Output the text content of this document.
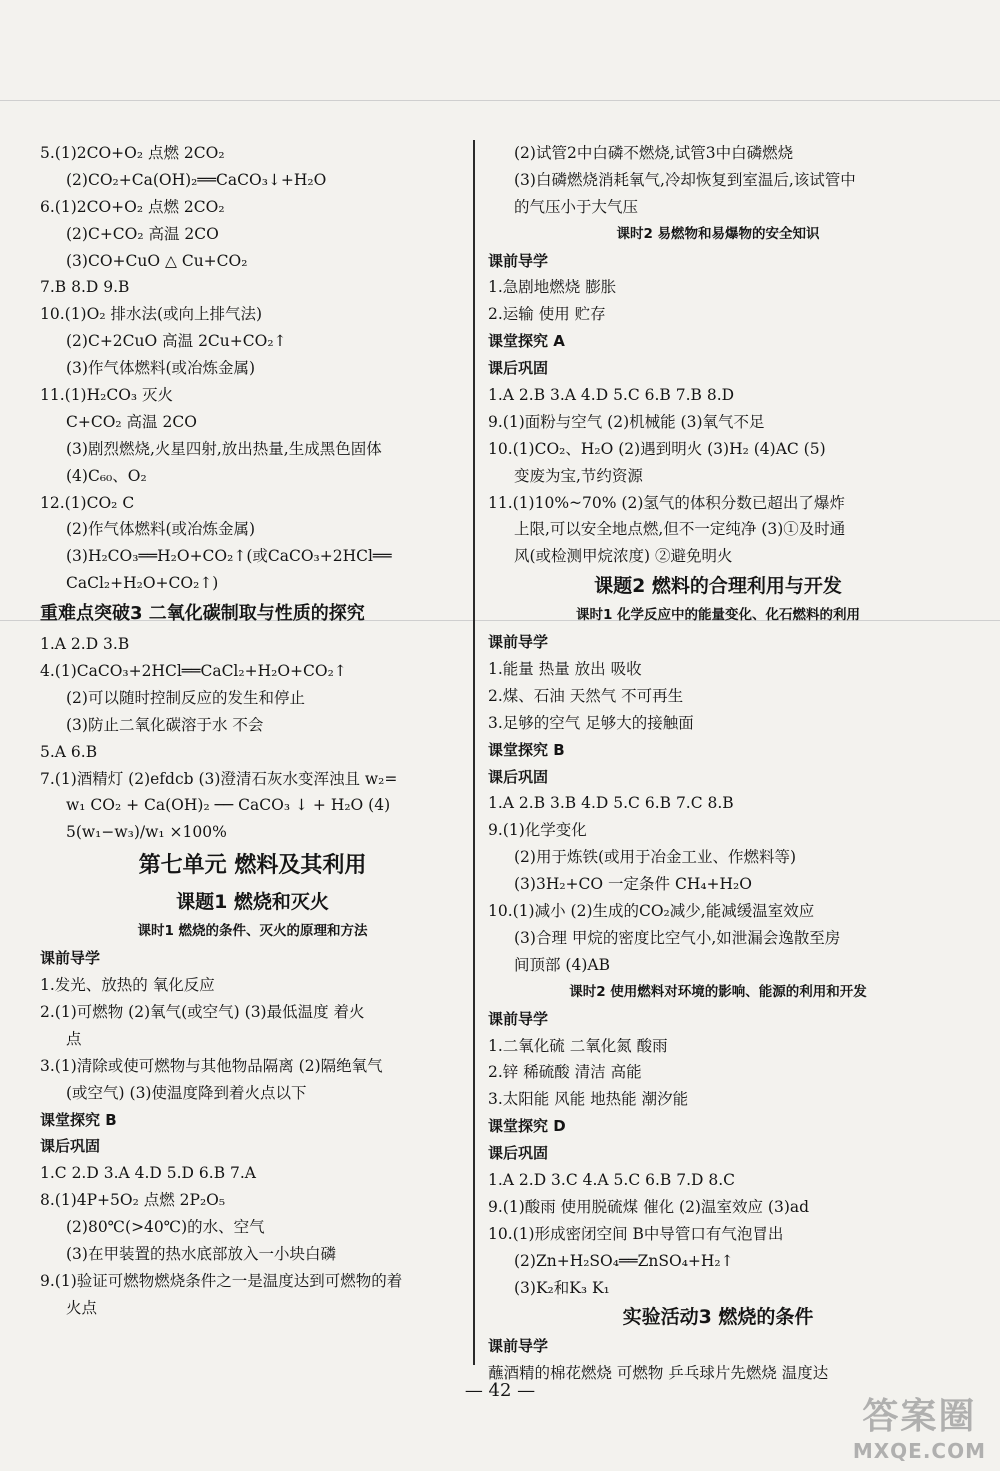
5.(1)2CO+O₂ 点燃 2CO₂
(2)CO₂+Ca(OH)₂══CaCO₃↓+H₂O
6.(1)2CO+O₂ 点燃 2CO₂
(2)C+CO₂ 高温 2CO
(3)CO+CuO △ Cu+CO₂
7.B 8.D 9.B
10.(1)O₂ 排水法(或向上排气法)
(2)C+2CuO 高温 2Cu+CO₂↑
(3)作气体燃料(或冶炼金属)
11.(1)H₂CO₃ 灭火
C+CO₂ 高温 2CO
(3)剧烈燃烧,火星四射,放出热量,生成黑色固体
(4)C₆₀、O₂
12.(1)CO₂ C
(2)作气体燃料(或冶炼金属)
(3)H₂CO₃══H₂O+CO₂↑(或CaCO₃+2HCl══
CaCl₂+H₂O+CO₂↑)
重难点突破3 二氧化碳制取与性质的探究
1.A 2.D 3.B
4.(1)CaCO₃+2HCl══CaCl₂+H₂O+CO₂↑
(2)可以随时控制反应的发生和停止
(3)防止二氧化碳溶于水 不会
5.A 6.B
7.(1)酒精灯 (2)efdcb (3)澄清石灰水变浑浊且 w₂=
w₁ CO₂ + Ca(OH)₂ ── CaCO₃ ↓ + H₂O (4)
5(w₁−w₃)/w₁ ×100%
第七单元 燃料及其利用
课题1 燃烧和灭火
课时1 燃烧的条件、灭火的原理和方法
课前导学
1.发光、放热的 氧化反应
2.(1)可燃物 (2)氧气(或空气) (3)最低温度 着火
点
3.(1)清除或使可燃物与其他物品隔离 (2)隔绝氧气
(或空气) (3)使温度降到着火点以下
课堂探究 B
课后巩固
1.C 2.D 3.A 4.D 5.D 6.B 7.A
8.(1)4P+5O₂ 点燃 2P₂O₅
(2)80℃(>40℃)的水、空气
(3)在甲装置的热水底部放入一小块白磷
9.(1)验证可燃物燃烧条件之一是温度达到可燃物的着
火点
(2)试管2中白磷不燃烧,试管3中白磷燃烧
(3)白磷燃烧消耗氧气,冷却恢复到室温后,该试管中
的气压小于大气压
课时2 易燃物和易爆物的安全知识
课前导学
1.急剧地燃烧 膨胀
2.运输 使用 贮存
课堂探究 A
课后巩固
1.A 2.B 3.A 4.D 5.C 6.B 7.B 8.D
9.(1)面粉与空气 (2)机械能 (3)氧气不足
10.(1)CO₂、H₂O (2)遇到明火 (3)H₂ (4)AC (5)
变废为宝,节约资源
11.(1)10%~70% (2)氢气的体积分数已超出了爆炸
上限,可以安全地点燃,但不一定纯净 (3)①及时通
风(或检测甲烷浓度) ②避免明火
课题2 燃料的合理利用与开发
课时1 化学反应中的能量变化、化石燃料的利用
课前导学
1.能量 热量 放出 吸收
2.煤、石油 天然气 不可再生
3.足够的空气 足够大的接触面
课堂探究 B
课后巩固
1.A 2.B 3.B 4.D 5.C 6.B 7.C 8.B
9.(1)化学变化
(2)用于炼铁(或用于冶金工业、作燃料等)
(3)3H₂+CO 一定条件 CH₄+H₂O
10.(1)减小 (2)生成的CO₂减少,能减缓温室效应
(3)合理 甲烷的密度比空气小,如泄漏会逸散至房
间顶部 (4)AB
课时2 使用燃料对环境的影响、能源的利用和开发
课前导学
1.二氧化硫 二氧化氮 酸雨
2.锌 稀硫酸 清洁 高能
3.太阳能 风能 地热能 潮汐能
课堂探究 D
课后巩固
1.A 2.D 3.C 4.A 5.C 6.B 7.D 8.C
9.(1)酸雨 使用脱硫煤 催化 (2)温室效应 (3)ad
10.(1)形成密闭空间 B中导管口有气泡冒出
(2)Zn+H₂SO₄══ZnSO₄+H₂↑
(3)K₂和K₃ K₁
实验活动3 燃烧的条件
课前导学
蘸酒精的棉花燃烧 可燃物 乒乓球片先燃烧 温度达
— 42 —
答案圈
MXQE.COM
